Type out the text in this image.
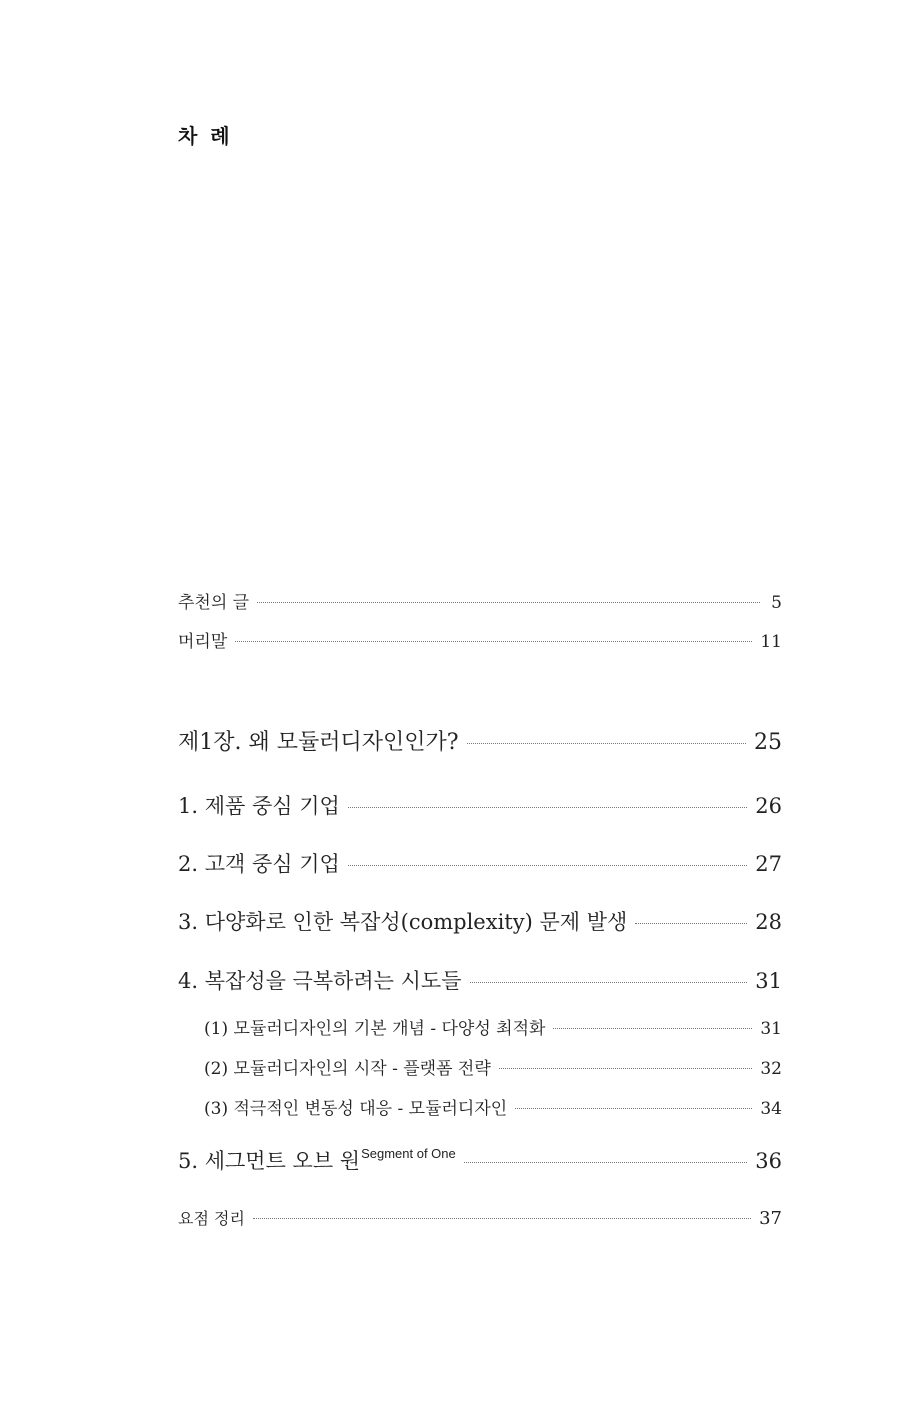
차 례
추천의 글	5
머리말	11
제1장. 왜 모듈러디자인인가?	25
1. 제품 중심 기업	26
2. 고객 중심 기업	27
3. 다양화로 인한 복잡성(complexity) 문제 발생	28
4. 복잡성을 극복하려는 시도들	31
(1) 모듈러디자인의 기본 개념 - 다양성 최적화	31
(2) 모듈러디자인의 시작 - 플랫폼 전략	32
(3) 적극적인 변동성 대응 - 모듈러디자인	34
5. 세그먼트 오브 원$^{Segment of One}$	36
요점 정리	37
